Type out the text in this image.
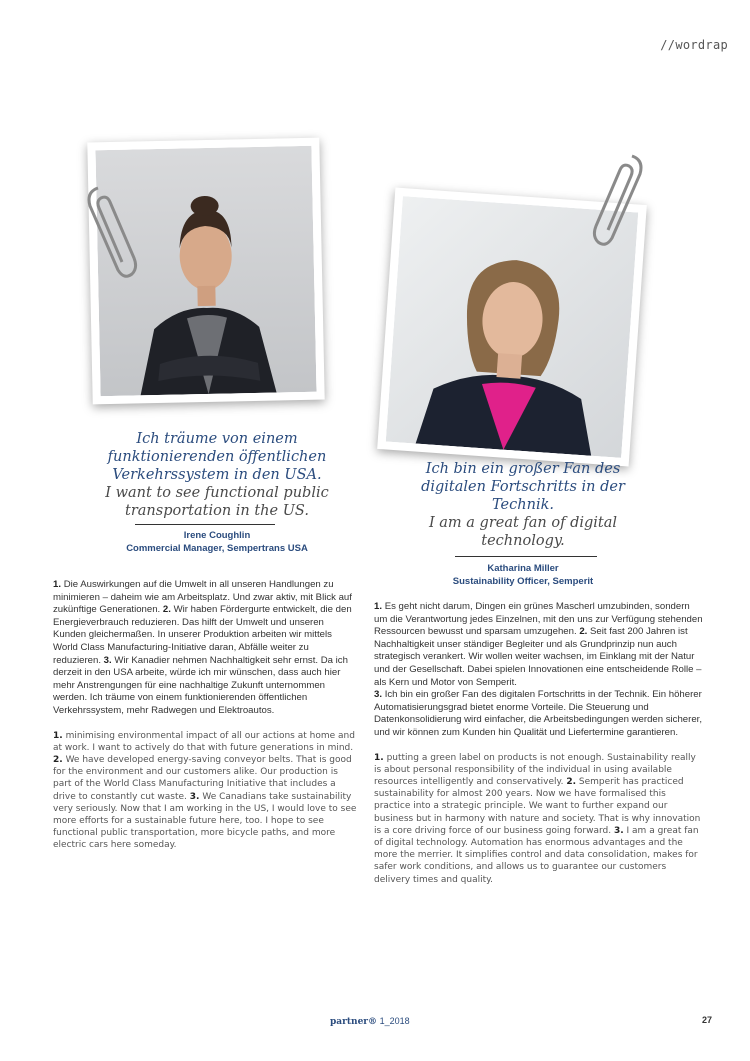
//wordrap
Ich träume von einem funktionierenden öffentlichen Verkehrssystem in den USA.
I want to see functional public transportation in the US.
Irene Coughlin
Commercial Manager, Sempertrans USA
Ich bin ein großer Fan des digitalen Fortschritts in der Technik.
I am a great fan of digital technology.
Katharina Miller
Sustainability Officer, Semperit

1. Die Auswirkungen auf die Umwelt in all unseren Handlungen zu minimieren – daheim wie am Arbeitsplatz. Und zwar aktiv, mit Blick auf zukünftige Generationen. 2. Wir haben Fördergurte entwickelt, die den Energieverbrauch reduzieren. Das hilft der Umwelt und unseren Kunden gleichermaßen. In unserer Produktion arbeiten wir mittels World Class Manufacturing-Initiative daran, Abfälle weiter zu reduzieren. 3. Wir Kanadier nehmen Nachhaltigkeit sehr ernst. Da ich derzeit in den USA arbeite, würde ich mir wünschen, dass auch hier mehr Anstrengungen für eine nachhaltige Zukunft unternommen werden. Ich träume von einem funktionierenden öffentlichen Verkehrssystem, mehr Radwegen und Elektroautos.

1. minimising environmental impact of all our actions at home and at work. I want to actively do that with future generations in mind. 2. We have developed energy-saving conveyor belts. That is good for the environment and our customers alike. Our production is part of the World Class Manufacturing Initiative that includes a drive to constantly cut waste. 3. We Canadians take sustainability very seriously. Now that I am working in the US, I would love to see more efforts for a sustainable future here, too. I hope to see functional public transportation, more bicycle paths, and more electric cars here someday.

1. Es geht nicht darum, Dingen ein grünes Mascherl umzubinden, sondern um die Verantwortung jedes Einzelnen, mit den uns zur Verfügung stehenden Ressourcen bewusst und sparsam umzugehen. 2. Seit fast 200 Jahren ist Nachhaltigkeit unser ständiger Begleiter und als Grundprinzip nun auch strategisch verankert. Wir wollen weiter wachsen, im Einklang mit der Natur und der Gesellschaft. Dabei spielen Innovationen eine entscheidende Rolle – als Kern und Motor von Semperit.
3. Ich bin ein großer Fan des digitalen Fortschritts in der Technik. Ein höherer Automatisierungsgrad bietet enorme Vorteile. Die Steuerung und Datenkonsolidierung wird einfacher, die Arbeitsbedingungen werden sicherer, und wir können zum Kunden hin Qualität und Liefertermine garantieren.

1. putting a green label on products is not enough. Sustainability really is about personal responsibility of the individual in using available resources intelligently and conservatively. 2. Semperit has practiced sustainability for almost 200 years. Now we have formalised this practice into a strategic principle. We want to further expand our business but in harmony with nature and society. That is why innovation is a core driving force of our business going forward. 3. I am a great fan of digital technology. Automation has enormous advantages and the more the merrier. It simplifies control and data consolidation, makes for safer work conditions, and allows us to guarantee our customers delivery times and quality.

partner® 1_2018	27
